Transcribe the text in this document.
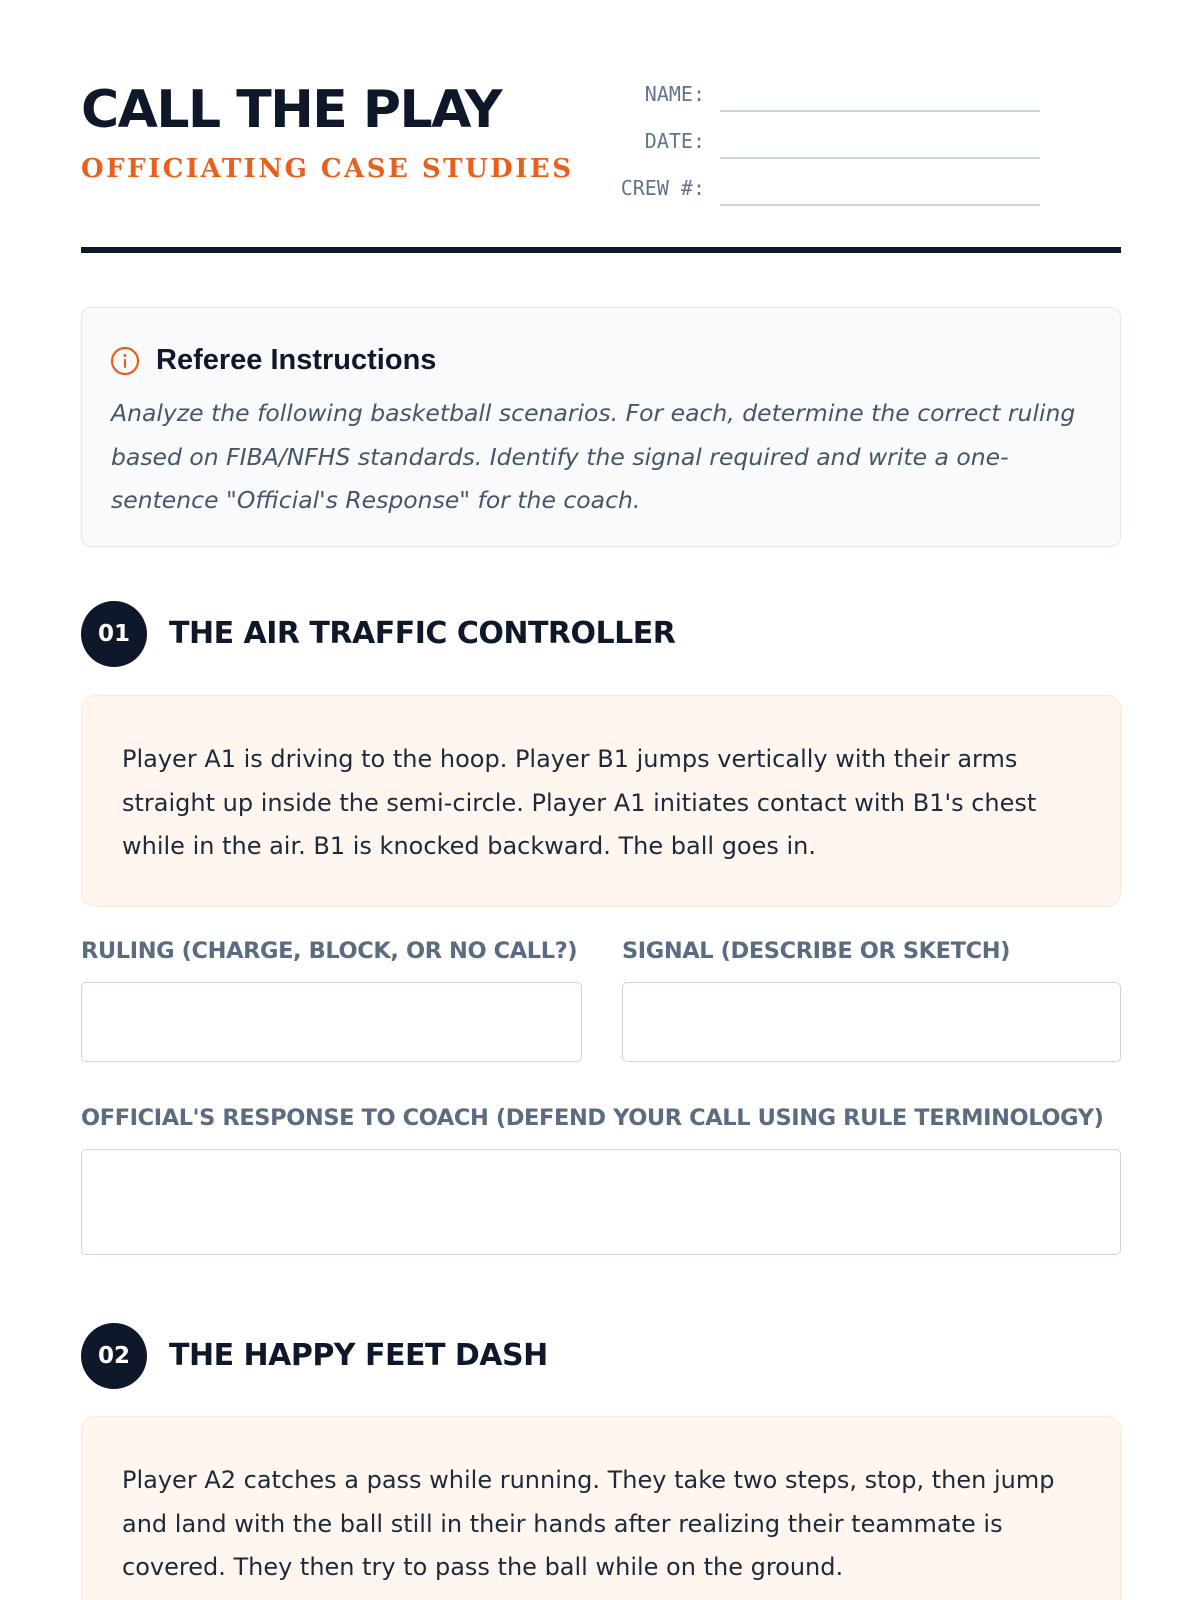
CALL THE PLAY
OFFICIATING CASE STUDIES
NAME:
DATE:
CREW #:
Referee Instructions
Analyze the following basketball scenarios. For each, determine the correct ruling based on FIBA/NFHS standards. Identify the signal required and write a one-sentence "Official's Response" for the coach.
01	THE AIR TRAFFIC CONTROLLER

Player A1 is driving to the hoop. Player B1 jumps vertically with their arms straight up inside the semi-circle. Player A1 initiates contact with B1's chest while in the air. B1 is knocked backward. The ball goes in.

RULING (CHARGE, BLOCK, OR NO CALL?) SIGNAL (DESCRIBE OR SKETCH)
OFFICIAL'S RESPONSE TO COACH (DEFEND YOUR CALL USING RULE TERMINOLOGY)
02	THE HAPPY FEET DASH

Player A2 catches a pass while running. They take two steps, stop, then jump and land with the ball still in their hands after realizing their teammate is covered. They then try to pass the ball while on the ground.
